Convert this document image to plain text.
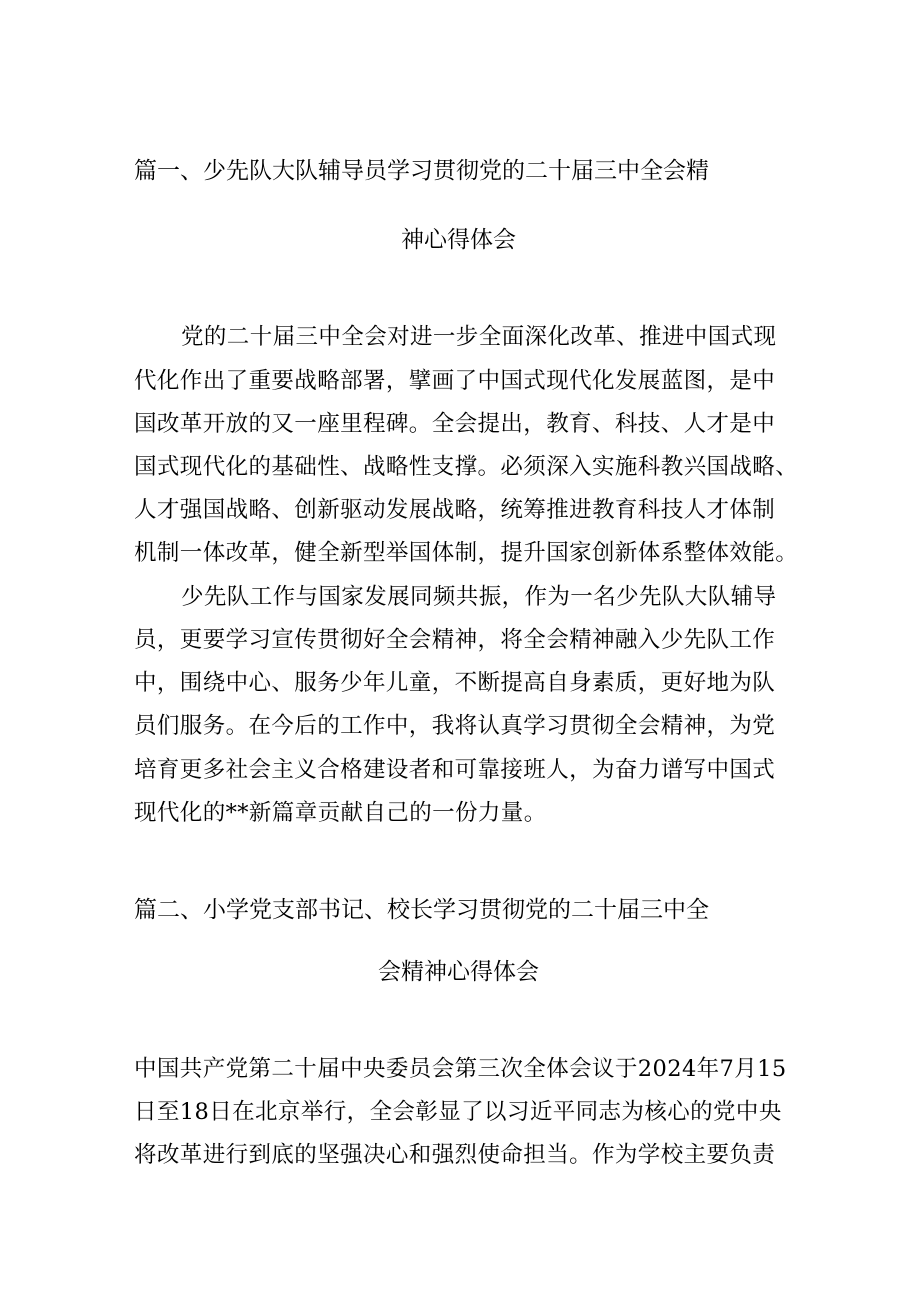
篇一、少先队大队辅导员学习贯彻党的二十届三中全会精
神心得体会
党的二十届三中全会对进一步全面深化改革、推进中国式现
代化作出了重要战略部署，擘画了中国式现代化发展蓝图，是中
国改革开放的又一座里程碑。全会提出，教育、科技、人才是中
国式现代化的基础性、战略性支撑。必须深入实施科教兴国战略、
人才强国战略、创新驱动发展战略，统筹推进教育科技人才体制
机制一体改革，健全新型举国体制，提升国家创新体系整体效能。
少先队工作与国家发展同频共振，作为一名少先队大队辅导
员，更要学习宣传贯彻好全会精神，将全会精神融入少先队工作
中，围绕中心、服务少年儿童，不断提高自身素质，更好地为队
员们服务。在今后的工作中，我将认真学习贯彻全会精神，为党
培育更多社会主义合格建设者和可靠接班人，为奋力谱写中国式
现代化的**新篇章贡献自己的一份力量。
篇二、小学党支部书记、校长学习贯彻党的二十届三中全
会精神心得体会
中国共产党第二十届中央委员会第三次全体会议于2024年7月15
日至18日在北京举行，全会彰显了以习近平同志为核心的党中央
将改革进行到底的坚强决心和强烈使命担当。作为学校主要负责
